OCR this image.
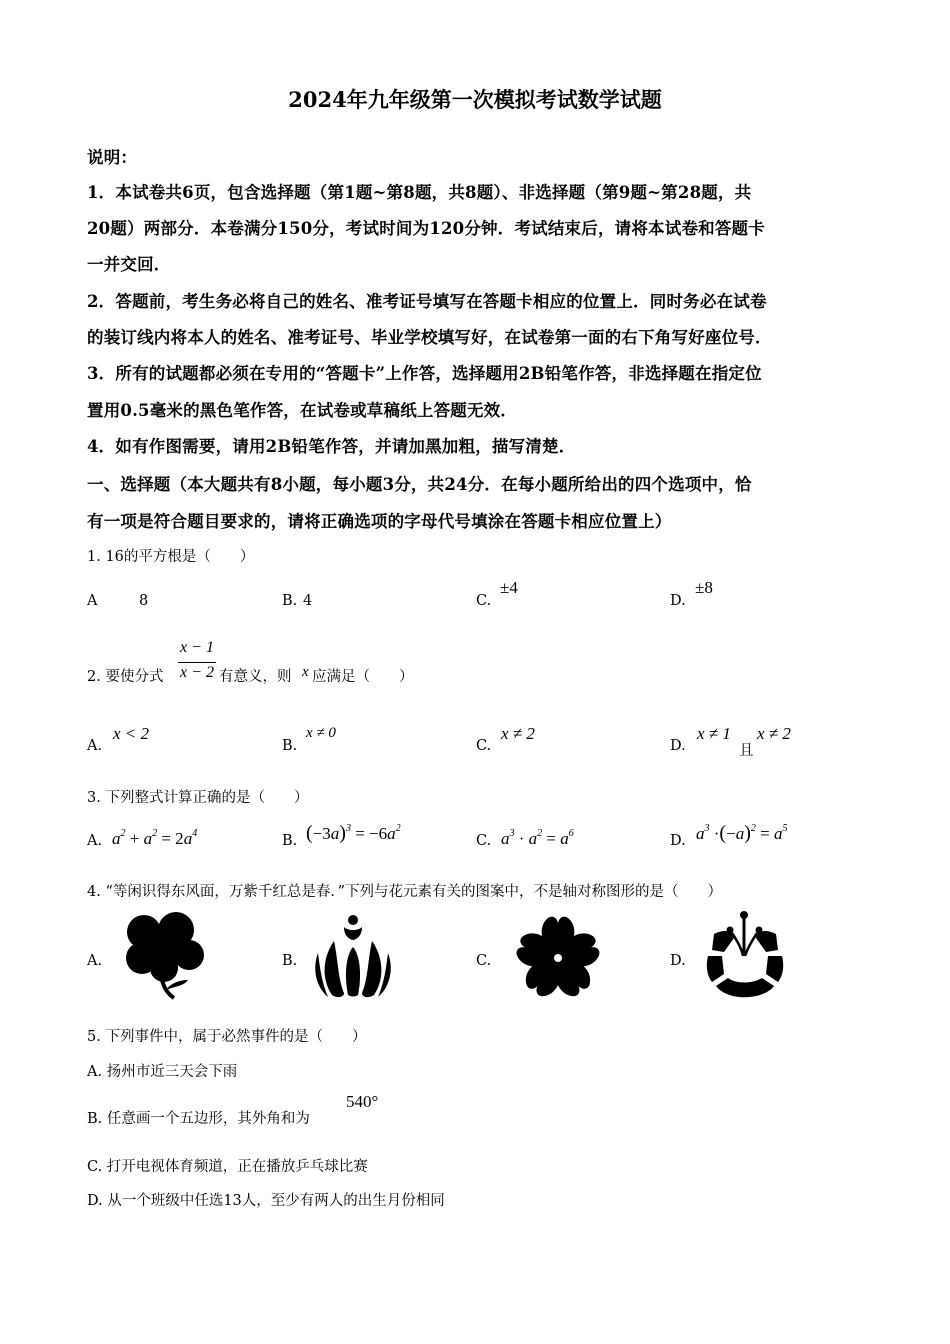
2024年九年级第一次模拟考试数学试题
说明：
1．本试卷共6页，包含选择题（第1题~第8题，共8题）、非选择题（第9题~第28题，共
20题）两部分．本卷满分150分，考试时间为120分钟．考试结束后，请将本试卷和答题卡
一并交回．
2．答题前，考生务必将自己的姓名、准考证号填写在答题卡相应的位置上．同时务必在试卷
的装订线内将本人的姓名、准考证号、毕业学校填写好，在试卷第一面的右下角写好座位号．
3．所有的试题都必须在专用的“答题卡”上作答，选择题用2B铅笔作答，非选择题在指定位
置用0.5毫米的黑色笔作答，在试卷或草稿纸上答题无效．
4．如有作图需要，请用2B铅笔作答，并请加黑加粗，描写清楚．
一、选择题（本大题共有8小题，每小题3分，共24分．在每小题所给出的四个选项中，恰
有一项是符合题目要求的，请将正确选项的字母代号填涂在答题卡相应位置上）
1. 16的平方根是（　　）
A	8	B. 4	C.
±4
D.
±8
2. 要使分式
x − 1
x − 2 有意义，则 x 应满足（　　）
A.
x < 2
B.
x ≠ 0
C.
x ≠ 2
D.
x ≠ 1
且
x ≠ 2
3. 下列整式计算正确的是（　　）
A. $a^2 + a^2 = 2a^4$	B. $(-3a)^3 = -6a^2$
C. $a^3 \cdot a^2 = a^6$	D. $a^3 \cdot(-a)^2 = a^5$
4. “等闲识得东风面，万紫千红总是春．”下列与花元素有关的图案中，不是轴对称图形的是（　　）
A.	B.	C.	D.
5. 下列事件中，属于必然事件的是（　　）
A. 扬州市近三天会下雨
B. 任意画一个五边形，其外角和为
540°
C. 打开电视体育频道，正在播放乒乓球比赛
D. 从一个班级中任选13人，至少有两人的出生月份相同
